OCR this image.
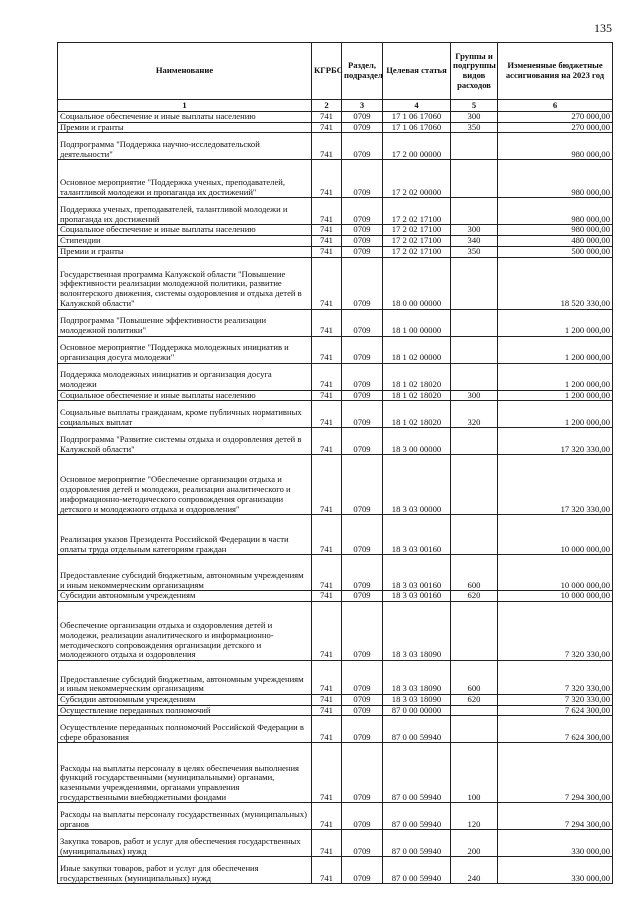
135
Наименование	КГРБС	Раздел, подраздел	Целевая статья	Группы и подгруппы видов расходов	Измененные бюджетные ассигнования на 2023 год
1	2	3	4	5	6
Социальное обеспечение и иные выплаты населению	741	0709	17 1 06 17060	300	270 000,00
Премии и гранты	741	0709	17 1 06 17060	350	270 000,00
Подпрограмма "Поддержка научно-исследовательской деятельности"	741	0709	17 2 00 00000		980 000,00
Основное мероприятие "Поддержка ученых, преподавателей, талантливой молодежи и пропаганда их достижений"	741	0709	17 2 02 00000		980 000,00
Поддержка ученых, преподавателей, талантливой молодежи и пропаганда их достижений	741	0709	17 2 02 17100		980 000,00
Социальное обеспечение и иные выплаты населению	741	0709	17 2 02 17100	300	980 000,00
Стипендии	741	0709	17 2 02 17100	340	480 000,00
Премии и гранты	741	0709	17 2 02 17100	350	500 000,00
Государственная программа Калужской области "Повышение эффективности реализации молодежной политики, развитие волонтерского движения, системы оздоровления и отдыха детей в Калужской области"	741	0709	18 0 00 00000		18 520 330,00
Подпрограмма "Повышение эффективности реализации молодежной политики"	741	0709	18 1 00 00000		1 200 000,00
Основное мероприятие "Поддержка молодежных инициатив и организация досуга молодежи"	741	0709	18 1 02 00000		1 200 000,00
Поддержка молодежных инициатив и организация досуга молодежи	741	0709	18 1 02 18020		1 200 000,00
Социальное обеспечение и иные выплаты населению	741	0709	18 1 02 18020	300	1 200 000,00
Социальные выплаты гражданам, кроме публичных нормативных социальных выплат	741	0709	18 1 02 18020	320	1 200 000,00
Подпрограмма "Развитие системы отдыха и оздоровления детей в Калужской области"	741	0709	18 3 00 00000		17 320 330,00
Основное мероприятие "Обеспечение организации отдыха и оздоровления детей и молодежи, реализации аналитического и информационно-методического сопровождения организации детского и молодежного отдыха и оздоровления"	741	0709	18 3 03 00000		17 320 330,00
Реализация указов Президента Российской Федерации в части оплаты труда отдельным категориям граждан	741	0709	18 3 03 00160		10 000 000,00
Предоставление субсидий бюджетным, автономным учреждениям и иным некоммерческим организациям	741	0709	18 3 03 00160	600	10 000 000,00
Субсидии автономным учреждениям	741	0709	18 3 03 00160	620	10 000 000,00
Обеспечение организации отдыха и оздоровления детей и молодежи, реализации аналитического и информационно-методического сопровождения организации детского и молодежного отдыха и оздоровления	741	0709	18 3 03 18090		7 320 330,00
Предоставление субсидий бюджетным, автономным учреждениям и иным некоммерческим организациям	741	0709	18 3 03 18090	600	7 320 330,00
Субсидии автономным учреждениям	741	0709	18 3 03 18090	620	7 320 330,00
Осуществление переданных полномочий	741	0709	87 0 00 00000		7 624 300,00
Осуществление переданных полномочий Российской Федерации в сфере образования	741	0709	87 0 00 59940		7 624 300,00
Расходы на выплаты персоналу в целях обеспечения выполнения функций государственными (муниципальными) органами, казенными учреждениями, органами управления государственными внебюджетными фондами	741	0709	87 0 00 59940	100	7 294 300,00
Расходы на выплаты персоналу государственных (муниципальных) органов	741	0709	87 0 00 59940	120	7 294 300,00
Закупка товаров, работ и услуг для обеспечения государственных (муниципальных) нужд	741	0709	87 0 00 59940	200	330 000,00
Иные закупки товаров, работ и услуг для обеспечения государственных (муниципальных) нужд	741	0709	87 0 00 59940	240	330 000,00
